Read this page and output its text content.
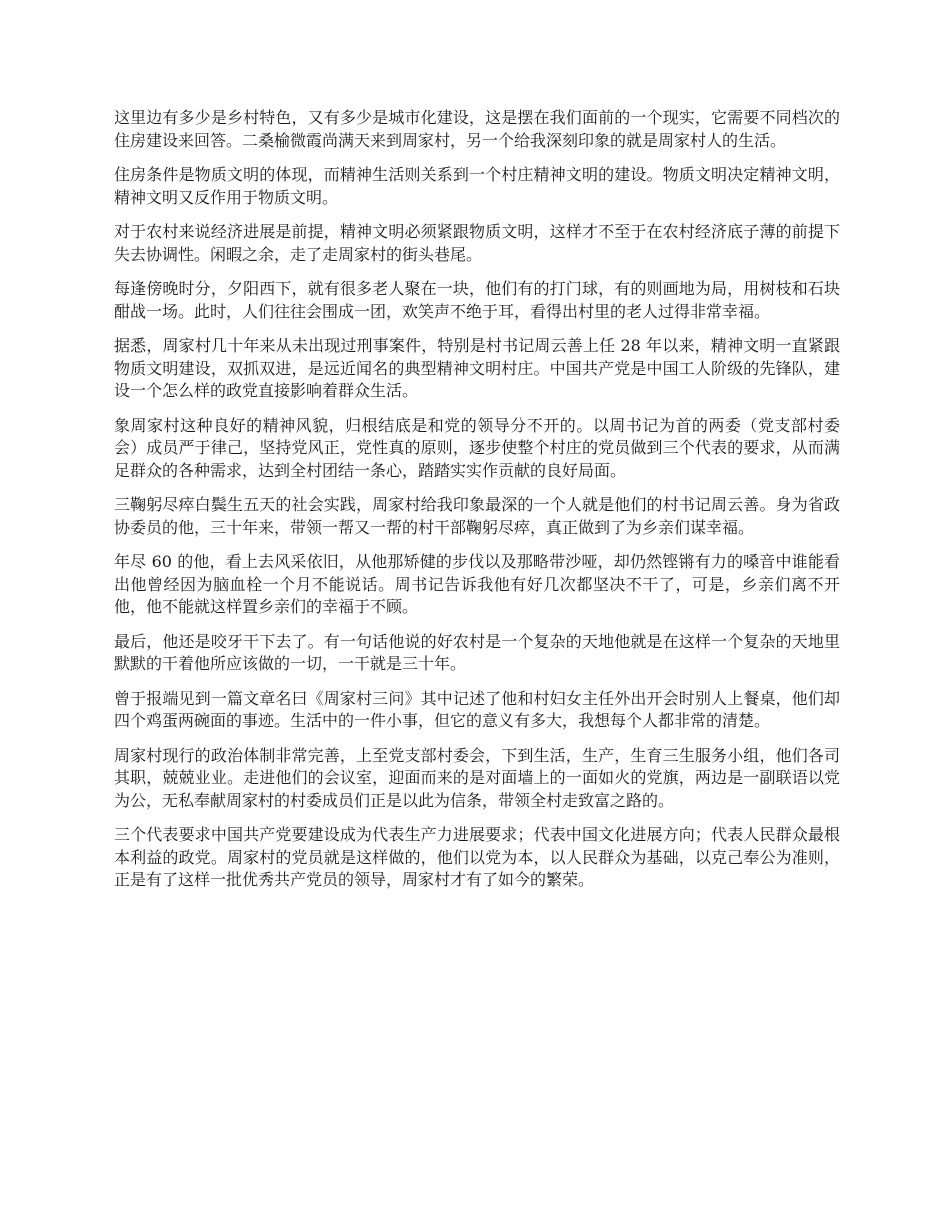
这里边有多少是乡村特色，又有多少是城市化建设，这是摆在我们面前的一个现实，它需要不同档次的住房建设来回答。二桑榆微霞尚满天来到周家村，另一个给我深刻印象的就是周家村人的生活。

住房条件是物质文明的体现，而精神生活则关系到一个村庄精神文明的建设。物质文明决定精神文明，精神文明又反作用于物质文明。

对于农村来说经济进展是前提，精神文明必须紧跟物质文明，这样才不至于在农村经济底子薄的前提下失去协调性。闲暇之余，走了走周家村的街头巷尾。

每逢傍晚时分，夕阳西下，就有很多老人聚在一块，他们有的打门球，有的则画地为局，用树枝和石块酣战一场。此时，人们往往会围成一团，欢笑声不绝于耳，看得出村里的老人过得非常幸福。

据悉，周家村几十年来从未出现过刑事案件，特别是村书记周云善上任 28 年以来，精神文明一直紧跟物质文明建设，双抓双进，是远近闻名的典型精神文明村庄。中国共产党是中国工人阶级的先锋队，建设一个怎么样的政党直接影响着群众生活。

象周家村这种良好的精神风貌，归根结底是和党的领导分不开的。以周书记为首的两委（党支部村委会）成员严于律己，坚持党风正，党性真的原则，逐步使整个村庄的党员做到三个代表的要求，从而满足群众的各种需求，达到全村团结一条心，踏踏实实作贡献的良好局面。

三鞠躬尽瘁白鬓生五天的社会实践，周家村给我印象最深的一个人就是他们的村书记周云善。身为省政协委员的他，三十年来，带领一帮又一帮的村干部鞠躬尽瘁，真正做到了为乡亲们谋幸福。

年尽 60 的他，看上去风采依旧，从他那矫健的步伐以及那略带沙哑，却仍然铿锵有力的嗓音中谁能看出他曾经因为脑血栓一个月不能说话。周书记告诉我他有好几次都坚决不干了，可是，乡亲们离不开他，他不能就这样置乡亲们的幸福于不顾。

最后，他还是咬牙干下去了。有一句话他说的好农村是一个复杂的天地他就是在这样一个复杂的天地里默默的干着他所应该做的一切，一干就是三十年。

曾于报端见到一篇文章名曰《周家村三问》其中记述了他和村妇女主任外出开会时别人上餐桌，他们却四个鸡蛋两碗面的事迹。生活中的一件小事，但它的意义有多大，我想每个人都非常的清楚。

周家村现行的政治体制非常完善，上至党支部村委会，下到生活，生产，生育三生服务小组，他们各司其职，兢兢业业。走进他们的会议室，迎面而来的是对面墙上的一面如火的党旗，两边是一副联语以党为公，无私奉献周家村的村委成员们正是以此为信条，带领全村走致富之路的。

三个代表要求中国共产党要建设成为代表生产力进展要求；代表中国文化进展方向；代表人民群众最根本利益的政党。周家村的党员就是这样做的，他们以党为本，以人民群众为基础，以克己奉公为准则，正是有了这样一批优秀共产党员的领导，周家村才有了如今的繁荣。
